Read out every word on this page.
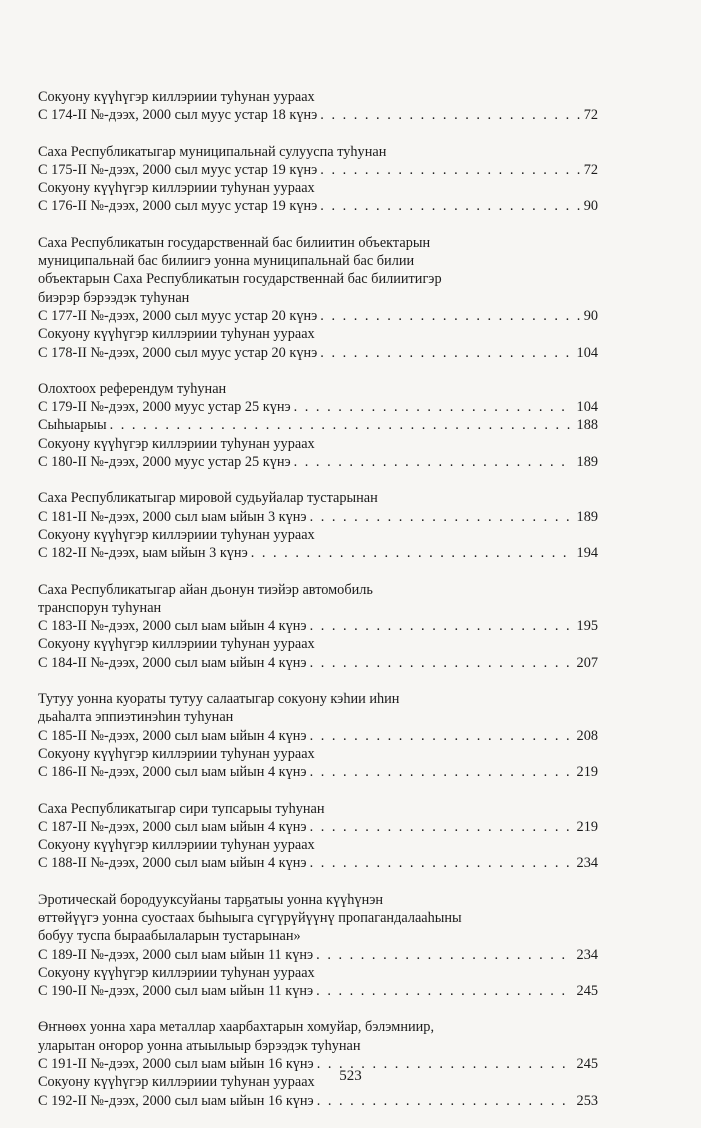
Сокуону күүһүгэр киллэриии туһунан уураах
С 174-II №-дээх, 2000 сыл муус устар 18 күнэ . . .	72
Саха Республикатыгар муниципальнай сулууспа туһунан
С 175-II №-дээх, 2000 сыл муус устар 19 күнэ . . .	72
Сокуону күүһүгэр киллэриии туһунан уураах
С 176-II №-дээх, 2000 сыл муус устар 19 күнэ . . .	90
Саха Республикатын государственнай бас билиитин объектарын
муниципальнай бас билиигэ уонна муниципальнай бас билии
объектарын Саха Республикатын государственнай бас билиитигэр
биэрэр бэрээдэк туһунан
С 177-II №-дээх, 2000 сыл муус устар 20 күнэ . . .	90
Сокуону күүһүгэр киллэриии туһунан уураах
С 178-II №-дээх, 2000 сыл муус устар 20 күнэ . . .	104
Олохтоох референдум туһунан
С 179-II №-дээх, 2000 муус устар 25 күнэ . . .	104
Сыһыарыы . . .	188
Сокуону күүһүгэр киллэриии туһунан уураах
С 180-II №-дээх, 2000 муус устар 25 күнэ . . .	189
Саха Республикатыгар мировой судьуйалар тустарынан
С 181-II №-дээх, 2000 сыл ыам ыйын 3 күнэ . . .	189
Сокуону күүһүгэр киллэриии туһунан уураах
С 182-II №-дээх, ыам ыйын 3 күнэ . . .	194
Саха Республикатыгар айан дьонун тиэйэр автомобиль
транспорун туһунан
С 183-II №-дээх, 2000 сыл ыам ыйын 4 күнэ . . .	195
Сокуону күүһүгэр киллэриии туһунан уураах
С 184-II №-дээх, 2000 сыл ыам ыйын 4 күнэ . . .	207
Тутуу уонна куораты тутуу салаатыгар сокуону кэһии иһин
дьаһалта эппиэтинэһин туһунан
С 185-II №-дээх, 2000 сыл ыам ыйын 4 күнэ . . .	208
Сокуону күүһүгэр киллэриии туһунан уураах
С 186-II №-дээх, 2000 сыл ыам ыйын 4 күнэ . . .	219
Саха Республикатыгар сири тупсарыы туһунан
С 187-II №-дээх, 2000 сыл ыам ыйын 4 күнэ . . .	219
Сокуону күүһүгэр киллэриии туһунан уураах
С 188-II №-дээх, 2000 сыл ыам ыйын 4 күнэ . . .	234
Эротическай бородууксуйаны тарҕатыы уонна күүһүнэн
өттөйүүгэ уонна суостаах быһыыга сүгүрүйүүнү пропагандалааһыны
бобуу туспа быраабылаларын тустарынан»
С 189-II №-дээх, 2000 сыл ыам ыйын 11 күнэ . . .	234
Сокуону күүһүгэр киллэриии туһунан уураах
С 190-II №-дээх, 2000 сыл ыам ыйын 11 күнэ . . .	245
Өҥнөөх уонна хара металлар хаарбахтарын хомуйар, бэлэмниир,
уларытан оҥорор уонна атыылыыр бэрээдэк туһунан
С 191-II №-дээх, 2000 сыл ыам ыйын 16 күнэ . . .	245
Сокуону күүһүгэр киллэриии туһунан уураах
С 192-II №-дээх, 2000 сыл ыам ыйын 16 күнэ . . .	253
523
